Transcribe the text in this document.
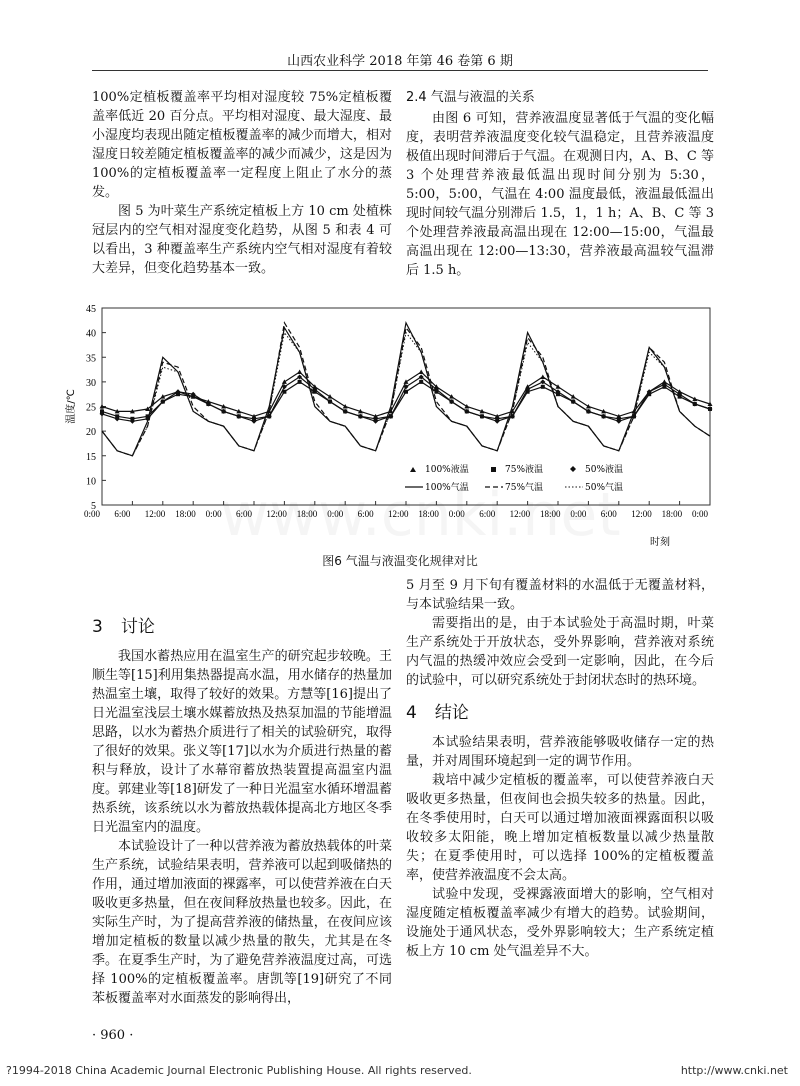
山西农业科学 2018 年第 46 卷第 6 期

100%定植板覆盖率平均相对湿度较 75%定植板覆盖率低近 20 百分点。平均相对湿度、最大湿度、最小湿度均表现出随定植板覆盖率的减少而增大，相对湿度日较差随定植板覆盖率的减少而减少，这是因为 100%的定植板覆盖率一定程度上阻止了水分的蒸发。

图 5 为叶菜生产系统定植板上方 10 cm 处植株冠层内的空气相对湿度变化趋势，从图 5 和表 4 可以看出，3 种覆盖率生产系统内空气相对湿度有着较大差异，但变化趋势基本一致。

2.4 气温与液温的关系

由图 6 可知，营养液温度显著低于气温的变化幅度，表明营养液温度变化较气温稳定，且营养液温度极值出现时间滞后于气温。在观测日内，A、B、C 等 3 个处理营养液最低温出现时间分别为 5:30，5:00，5:00，气温在 4:00 温度最低，液温最低温出现时间较气温分别滞后 1.5，1，1 h；A、B、C 等 3 个处理营养液最高温出现在 12:00—15:00，气温最高温出现在 12:00—13:30，营养液最高温较气温滞后 1.5 h。

5
10
15
20
25
30
35
40
45
温度/℃
0:00 6:00 12:00 18:00 0:00 6:00 12:00 18:00 0:00 6:00 12:00 18:00 0:00 6:00 12:00 18:00 0:00 6:00 12:00 18:00 0:00
时刻
100%液温	75%液温	50%液温
100%气温	75%气温	50%气温
图6 气温与液温变化规律对比
3 讨论

我国水蓄热应用在温室生产的研究起步较晚。王顺生等[15]利用集热器提高水温，用水储存的热量加热温室土壤，取得了较好的效果。方慧等[16]提出了日光温室浅层土壤水媒蓄放热及热泵加温的节能增温思路，以水为蓄热介质进行了相关的试验研究，取得了很好的效果。张义等[17]以水为介质进行热量的蓄积与释放，设计了水幕帘蓄放热装置提高温室内温度。郭建业等[18]研发了一种日光温室水循环增温蓄热系统，该系统以水为蓄放热载体提高北方地区冬季日光温室内的温度。

本试验设计了一种以营养液为蓄放热载体的叶菜生产系统，试验结果表明，营养液可以起到吸储热的作用，通过增加液面的裸露率，可以使营养液在白天吸收更多热量，但在夜间释放热量也较多。因此，在实际生产时，为了提高营养液的储热量，在夜间应该增加定植板的数量以减少热量的散失，尤其是在冬季。在夏季生产时，为了避免营养液温度过高，可选择 100%的定植板覆盖率。唐凯等[19]研究了不同苯板覆盖率对水面蒸发的影响得出，

5 月至 9 月下旬有覆盖材料的水温低于无覆盖材料，与本试验结果一致。

需要指出的是，由于本试验处于高温时期，叶菜生产系统处于开放状态，受外界影响，营养液对系统内气温的热缓冲效应会受到一定影响，因此，在今后的试验中，可以研究系统处于封闭状态时的热环境。

4 结论

本试验结果表明，营养液能够吸收储存一定的热量，并对周围环境起到一定的调节作用。

栽培中减少定植板的覆盖率，可以使营养液白天吸收更多热量，但夜间也会损失较多的热量。因此，在冬季使用时，白天可以通过增加液面裸露面积以吸收较多太阳能，晚上增加定植板数量以减少热量散失；在夏季使用时，可以选择 100%的定植板覆盖率，使营养液温度不会太高。

试验中发现，受裸露液面增大的影响，空气相对湿度随定植板覆盖率减少有增大的趋势。试验期间，设施处于通风状态，受外界影响较大；生产系统定植板上方 10 cm 处气温差异不大。

· 960 ·
?1994-2018 China Academic Journal Electronic Publishing House. All rights reserved.	http://www.cnki.net
